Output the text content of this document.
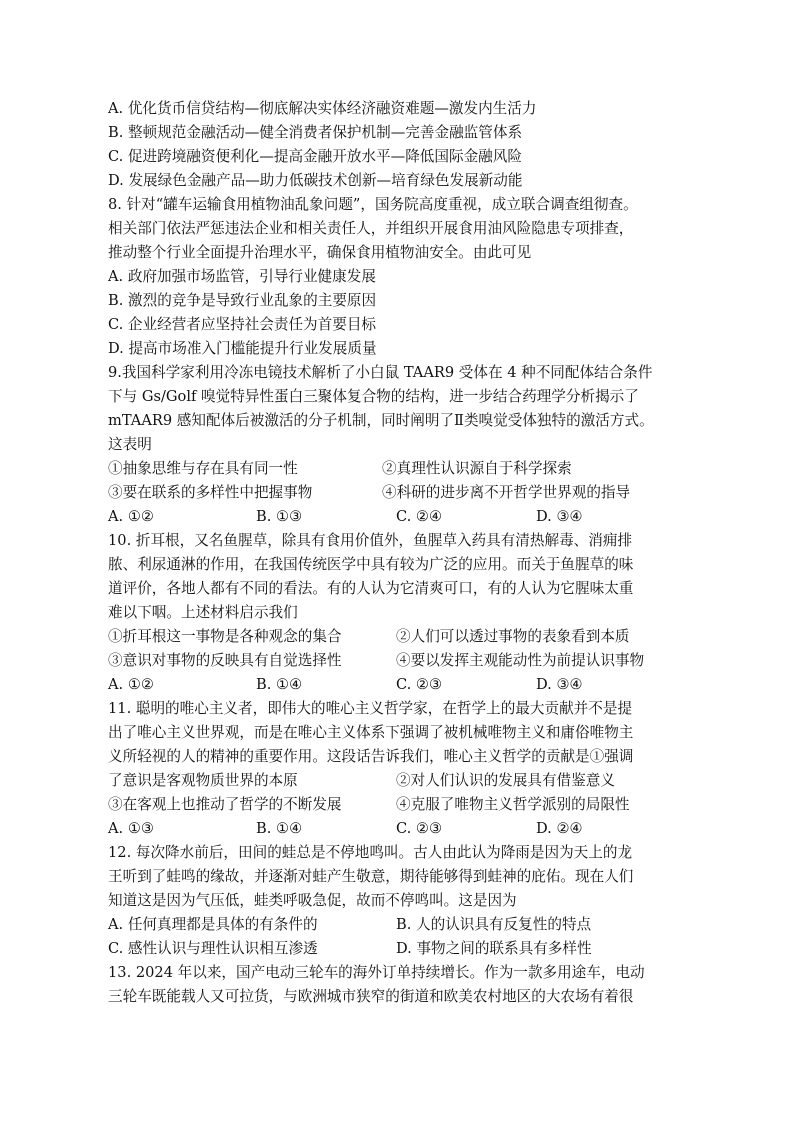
A. 优化货币信贷结构—彻底解决实体经济融资难题—激发内生活力
B. 整顿规范金融活动—健全消费者保护机制—完善金融监管体系
C. 促进跨境融资便利化—提高金融开放水平—降低国际金融风险
D. 发展绿色金融产品—助力低碳技术创新—培育绿色发展新动能
8. 针对“罐车运输食用植物油乱象问题”，国务院高度重视，成立联合调查组彻查。
相关部门依法严惩违法企业和相关责任人，并组织开展食用油风险隐患专项排查，
推动整个行业全面提升治理水平，确保食用植物油安全。由此可见
A. 政府加强市场监管，引导行业健康发展
B. 激烈的竞争是导致行业乱象的主要原因
C. 企业经营者应坚持社会责任为首要目标
D. 提高市场准入门槛能提升行业发展质量
9.我国科学家利用冷冻电镜技术解析了小白鼠 TAAR9 受体在 4 种不同配体结合条件
下与 Gs/Golf 嗅觉特异性蛋白三聚体复合物的结构，进一步结合药理学分析揭示了
mTAAR9 感知配体后被激活的分子机制，同时阐明了Ⅱ类嗅觉受体独特的激活方式。
这表明
①抽象思维与存在具有同一性	②真理性认识源自于科学探索
③要在联系的多样性中把握事物	④科研的进步离不开哲学世界观的指导
A. ①②	B. ①③	C. ②④	D. ③④
10. 折耳根，又名鱼腥草，除具有食用价值外，鱼腥草入药具有清热解毒、消痈排
脓、利尿通淋的作用，在我国传统医学中具有较为广泛的应用。而关于鱼腥草的味
道评价，各地人都有不同的看法。有的人认为它清爽可口，有的人认为它腥味太重
难以下咽。上述材料启示我们
①折耳根这一事物是各种观念的集合	②人们可以透过事物的表象看到本质
③意识对事物的反映具有自觉选择性	④要以发挥主观能动性为前提认识事物
A. ①②	B. ①④	C. ②③	D. ③④
11. 聪明的唯心主义者，即伟大的唯心主义哲学家，在哲学上的最大贡献并不是提
出了唯心主义世界观，而是在唯心主义体系下强调了被机械唯物主义和庸俗唯物主
义所轻视的人的精神的重要作用。这段话告诉我们，唯心主义哲学的贡献是①强调
了意识是客观物质世界的本原	②对人们认识的发展具有借鉴意义
③在客观上也推动了哲学的不断发展	④克服了唯物主义哲学派别的局限性
A. ①③	B. ①④	C. ②③	D. ②④
12. 每次降水前后，田间的蛙总是不停地鸣叫。古人由此认为降雨是因为天上的龙
王听到了蛙鸣的缘故，并逐渐对蛙产生敬意，期待能够得到蛙神的庇佑。现在人们
知道这是因为气压低，蛙类呼吸急促，故而不停鸣叫。这是因为
A. 任何真理都是具体的有条件的	B. 人的认识具有反复性的特点
C. 感性认识与理性认识相互渗透	D. 事物之间的联系具有多样性
13. 2024 年以来，国产电动三轮车的海外订单持续增长。作为一款多用途车，电动
三轮车既能载人又可拉货，与欧洲城市狭窄的街道和欧美农村地区的大农场有着很
